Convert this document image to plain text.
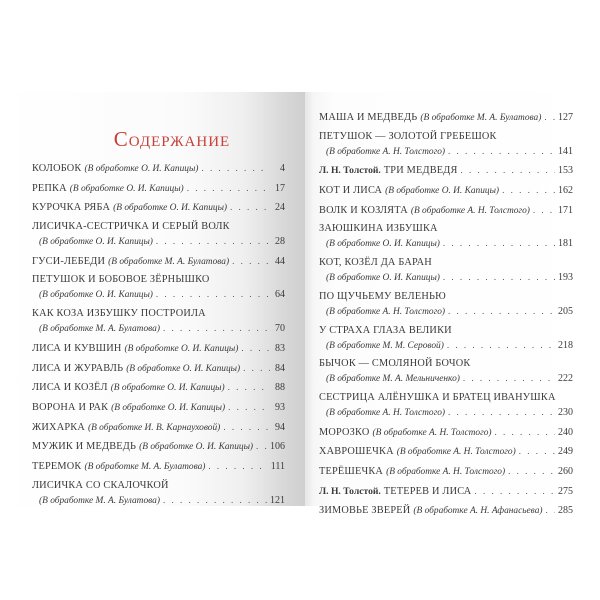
Содержание
КОЛОБОК (В обработке О. И. Капицы) . . .	4
РЕПКА (В обработке О. И. Капицы) . . .	17
КУРОЧКА РЯБА (В обработке О. И. Капицы) . . .	24
ЛИСИЧКА-СЕСТРИЧКА И СЕРЫЙ ВОЛК
(В обработке О. И. Капицы) . . .	28
ГУСИ-ЛЕБЕДИ (В обработке М. А. Булатова) . . .	44
ПЕТУШОК И БОБОВОЕ ЗЁРНЫШКО
(В обработке О. И. Капицы) . . .	64
КАК КОЗА ИЗБУШКУ ПОСТРОИЛА
(В обработке М. А. Булатова) . . .	70
ЛИСА И КУВШИН (В обработке О. И. Капицы) . . .	83
ЛИСА И ЖУРАВЛЬ (В обработке О. И. Капицы) . . .	84
ЛИСА И КОЗЁЛ (В обработке О. И. Капицы) . . .	88
ВОРОНА И РАК (В обработке О. И. Капицы) . . .	93
ЖИХАРКА (В обработке И. В. Карнауховой) . . .	94
МУЖИК И МЕДВЕДЬ (В обработке О. И. Капицы) . . . 106
ТЕРЕМОК (В обработке М. А. Булатова) . . .	111
ЛИСИЧКА СО СКАЛОЧКОЙ
(В обработке М. А. Булатова) . . .	121
МАША И МЕДВЕДЬ (В обработке М. А. Булатова) . . . 127
ПЕТУШОК — ЗОЛОТОЙ ГРЕБЕШОК
(В обработке А. Н. Толстого) . . .	141
Л. Н. Толстой. ТРИ МЕДВЕДЯ . . .	153
КОТ И ЛИСА (В обработке О. И. Капицы) . . .	162
ВОЛК И КОЗЛЯТА (В обработке А. Н. Толстого) . . .	171
ЗАЮШКИНА ИЗБУШКА
(В обработке О. И. Капицы) . . .	181
КОТ, КОЗЁЛ ДА БАРАН
(В обработке О. И. Капицы) . . .	193
ПО ЩУЧЬЕМУ ВЕЛЕНЬЮ
(В обработке А. Н. Толстого) . . .	205
У СТРАХА ГЛАЗА ВЕЛИКИ
(В обработке М. М. Серовой) . . .	218
БЫЧОК — СМОЛЯНОЙ БОЧОК
(В обработке М. А. Мельниченко) . . .	222
СЕСТРИЦА АЛЁНУШКА И БРАТЕЦ ИВАНУШКА
(В обработке А. Н. Толстого) . . .	230
МОРОЗКО (В обработке А. Н. Толстого) . . .	240
ХАВРОШЕЧКА (В обработке А. Н. Толстого) . . .	249
ТЕРЁШЕЧКА (В обработке А. Н. Толстого) . . .	260
Л. Н. Толстой. ТЕТЕРЕВ И ЛИСА . . .	275
ЗИМОВЬЕ ЗВЕРЕЙ (В обработке А. Н. Афанасьева) . . . 285
